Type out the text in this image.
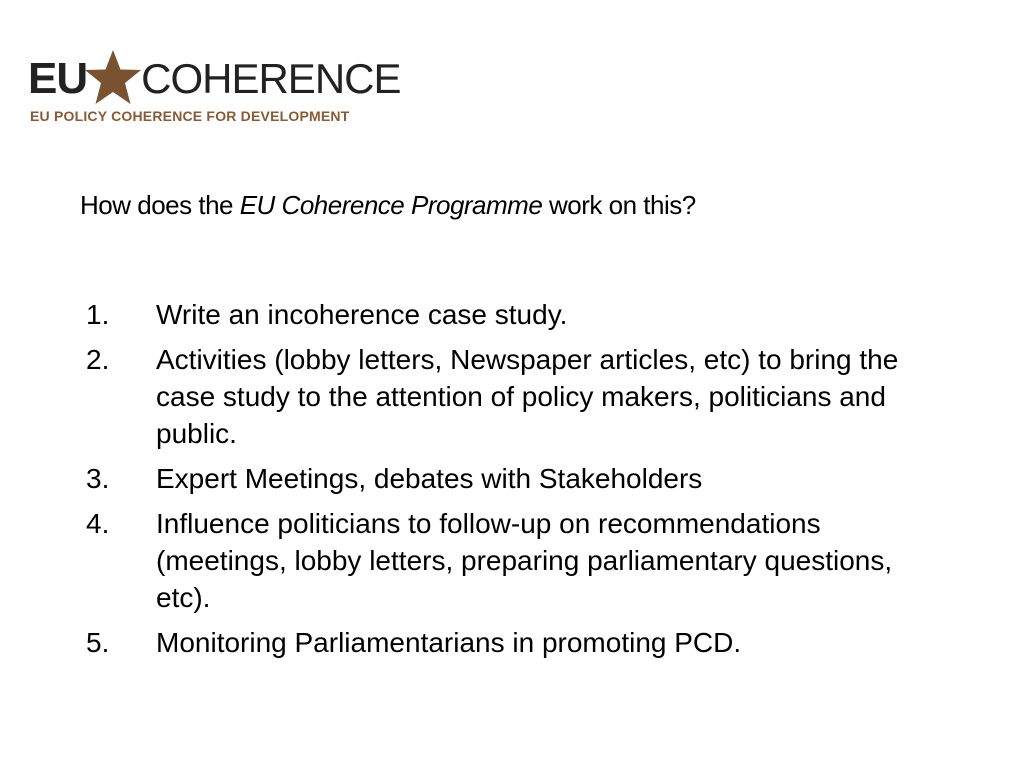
EU COHERENCE
EU POLICY COHERENCE FOR DEVELOPMENT
How does the EU Coherence Programme work on this?
1.	Write an incoherence case study.
2.	Activities (lobby letters, Newspaper articles, etc) to bring the case study to the attention of policy makers, politicians and public.
3.	Expert Meetings, debates with Stakeholders
4.	Influence politicians to follow-up on recommendations (meetings, lobby letters, preparing parliamentary questions, etc).
5.	Monitoring Parliamentarians in promoting PCD.
